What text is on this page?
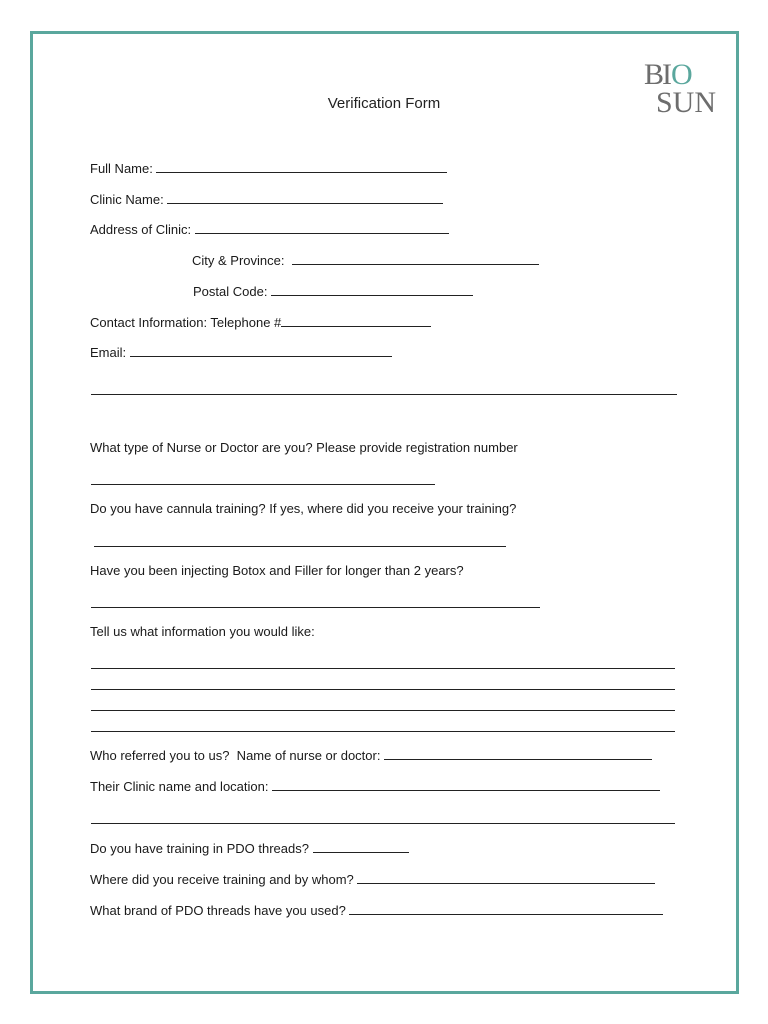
B
I O
SUN
Verification Form
Full Name:
Clinic Name:
Address of Clinic:
City & Province:
Postal Code:
Contact Information: Telephone #
Email:
What type of Nurse or Doctor are you? Please provide registration number
Do you have cannula training? If yes, where did you receive your training?
Have you been injecting Botox and Filler for longer than 2 years?
Tell us what information you would like:
Who referred you to us?  Name of nurse or doctor:
Their Clinic name and location:
Do you have training in PDO threads?
Where did you receive training and by whom?
What brand of PDO threads have you used?
